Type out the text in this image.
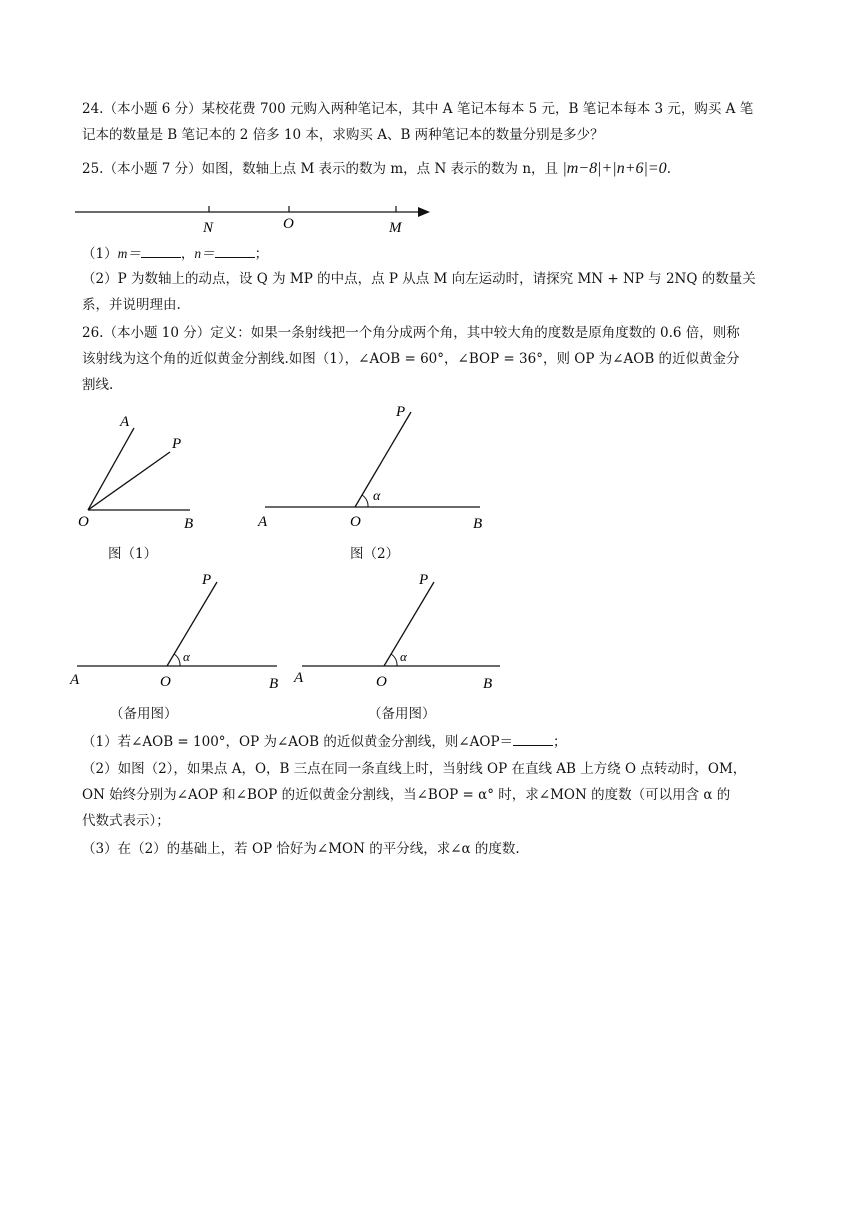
24.（本小题 6 分）某校花费 700 元购入两种笔记本，其中 A 笔记本每本 5 元，B 笔记本每本 3 元，购买 A 笔
记本的数量是 B 笔记本的 2 倍多 10 本，求购买 A、B 两种笔记本的数量分别是多少？
25.（本小题 7 分）如图，数轴上点 M 表示的数为 m，点 N 表示的数为 n，且 |m−8|+|n+6|=0.
N	O	M
（1）m＝	，n＝	；
（2）P 为数轴上的动点，设 Q 为 MP 的中点，点 P 从点 M 向左运动时，请探究 MN + NP 与 2NQ 的数量关
系，并说明理由.
26.（本小题 10 分）定义：如果一条射线把一个角分成两个角，其中较大角的度数是原角度数的 0.6 倍，则称
该射线为这个角的近似黄金分割线.如图（1），∠AOB = 60°，∠BOP = 36°，则 OP 为∠AOB 的近似黄金分
割线.
A
P
O	B
图（1）
α
P
A	O	B
图（2）
α
P
A	O	B
（备用图）
α
P
A	O	B
（备用图）
（1）若∠AOB = 100°，OP 为∠AOB 的近似黄金分割线，则∠AOP＝	；
（2）如图（2），如果点 A，O，B 三点在同一条直线上时，当射线 OP 在直线 AB 上方绕 O 点转动时，OM，
ON 始终分别为∠AOP 和∠BOP 的近似黄金分割线，当∠BOP = α° 时，求∠MON 的度数（可以用含 α 的
代数式表示）；
（3）在（2）的基础上，若 OP 恰好为∠MON 的平分线，求∠α 的度数.
